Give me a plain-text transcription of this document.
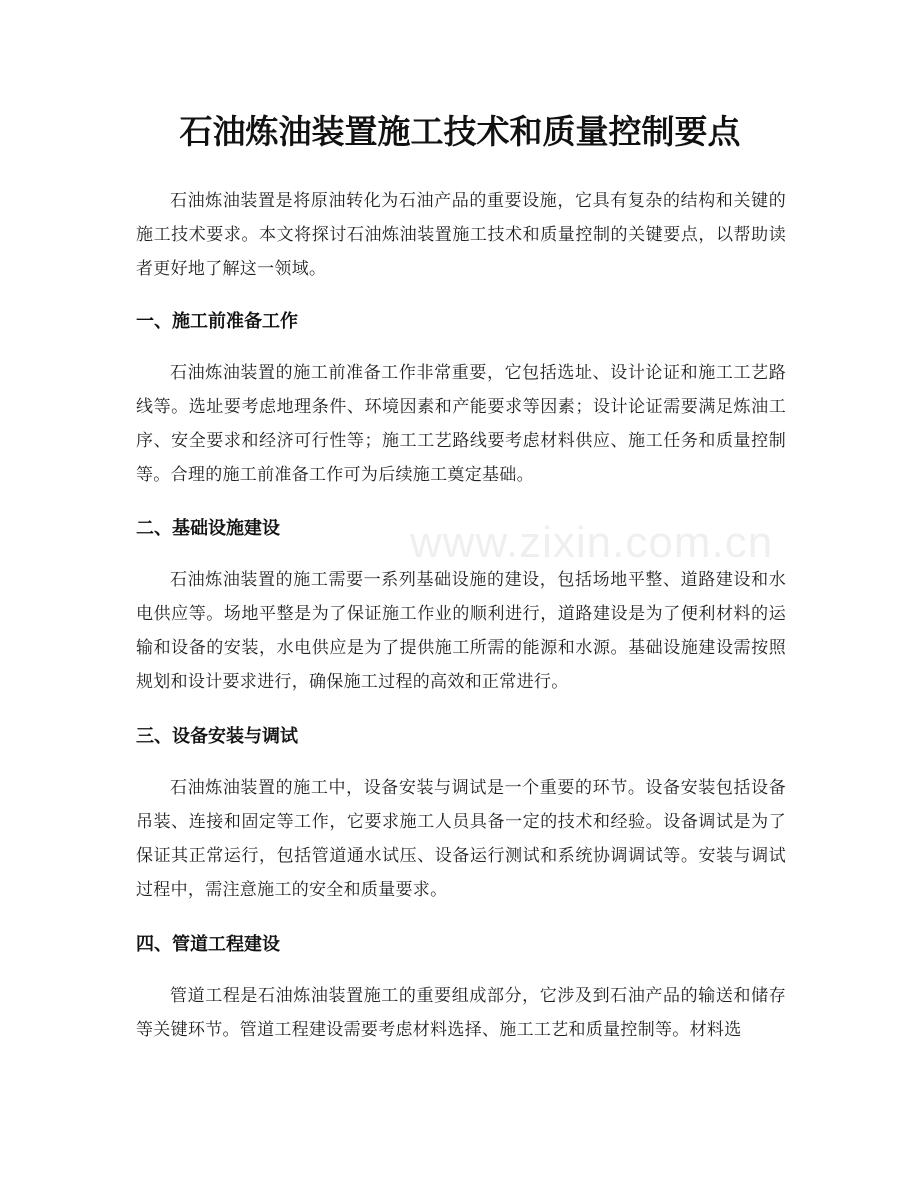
石油炼油装置施工技术和质量控制要点

石油炼油装置是将原油转化为石油产品的重要设施，它具有复杂的结构和关键的施工技术要求。本文将探讨石油炼油装置施工技术和质量控制的关键要点，以帮助读者更好地了解这一领域。

一、施工前准备工作

石油炼油装置的施工前准备工作非常重要，它包括选址、设计论证和施工工艺路线等。选址要考虑地理条件、环境因素和产能要求等因素；设计论证需要满足炼油工序、安全要求和经济可行性等；施工工艺路线要考虑材料供应、施工任务和质量控制等。合理的施工前准备工作可为后续施工奠定基础。

二、基础设施建设

石油炼油装置的施工需要一系列基础设施的建设，包括场地平整、道路建设和水电供应等。场地平整是为了保证施工作业的顺利进行，道路建设是为了便利材料的运输和设备的安装，水电供应是为了提供施工所需的能源和水源。基础设施建设需按照规划和设计要求进行，确保施工过程的高效和正常进行。

三、设备安装与调试

石油炼油装置的施工中，设备安装与调试是一个重要的环节。设备安装包括设备吊装、连接和固定等工作，它要求施工人员具备一定的技术和经验。设备调试是为了保证其正常运行，包括管道通水试压、设备运行测试和系统协调调试等。安装与调试过程中，需注意施工的安全和质量要求。

四、管道工程建设

管道工程是石油炼油装置施工的重要组成部分，它涉及到石油产品的输送和储存等关键环节。管道工程建设需要考虑材料选择、施工工艺和质量控制等。材料选

www.zixin.com.cn
